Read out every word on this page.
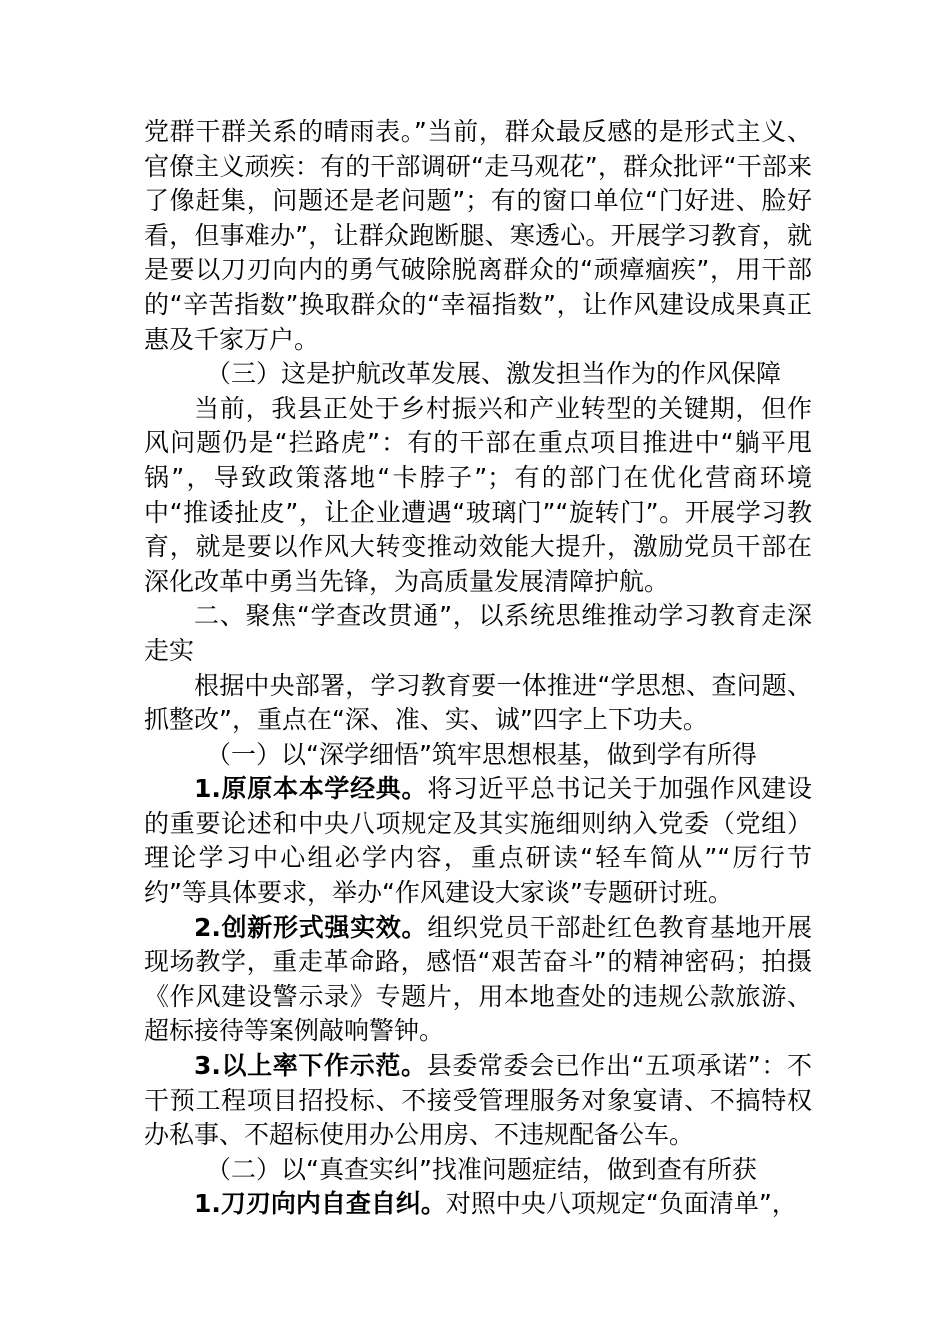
党群干群关系的晴雨表。”当前，群众最反感的是形式主义、官僚主义顽疾：有的干部调研“走马观花”，群众批评“干部来了像赶集，问题还是老问题”；有的窗口单位“门好进、脸好看，但事难办”，让群众跑断腿、寒透心。开展学习教育，就是要以刀刃向内的勇气破除脱离群众的“顽瘴痼疾”，用干部的“辛苦指数”换取群众的“幸福指数”，让作风建设成果真正惠及千家万户。

（三）这是护航改革发展、激发担当作为的作风保障

当前，我县正处于乡村振兴和产业转型的关键期，但作风问题仍是“拦路虎”：有的干部在重点项目推进中“躺平甩锅”，导致政策落地“卡脖子”；有的部门在优化营商环境中“推诿扯皮”，让企业遭遇“玻璃门”“旋转门”。开展学习教育，就是要以作风大转变推动效能大提升，激励党员干部在深化改革中勇当先锋，为高质量发展清障护航。

二、聚焦“学查改贯通”，以系统思维推动学习教育走深走实

根据中央部署，学习教育要一体推进“学思想、查问题、抓整改”，重点在“深、准、实、诚”四字上下功夫。

（一）以“深学细悟”筑牢思想根基，做到学有所得

1.原原本本学经典。将习近平总书记关于加强作风建设的重要论述和中央八项规定及其实施细则纳入党委（党组）理论学习中心组必学内容，重点研读“轻车简从”“厉行节约”等具体要求，举办“作风建设大家谈”专题研讨班。

2.创新形式强实效。组织党员干部赴红色教育基地开展现场教学，重走革命路，感悟“艰苦奋斗”的精神密码；拍摄《作风建设警示录》专题片，用本地查处的违规公款旅游、超标接待等案例敲响警钟。

3.以上率下作示范。县委常委会已作出“五项承诺”：不干预工程项目招投标、不接受管理服务对象宴请、不搞特权办私事、不超标使用办公用房、不违规配备公车。

（二）以“真查实纠”找准问题症结，做到查有所获

1.刀刃向内自查自纠。对照中央八项规定“负面清单”，
